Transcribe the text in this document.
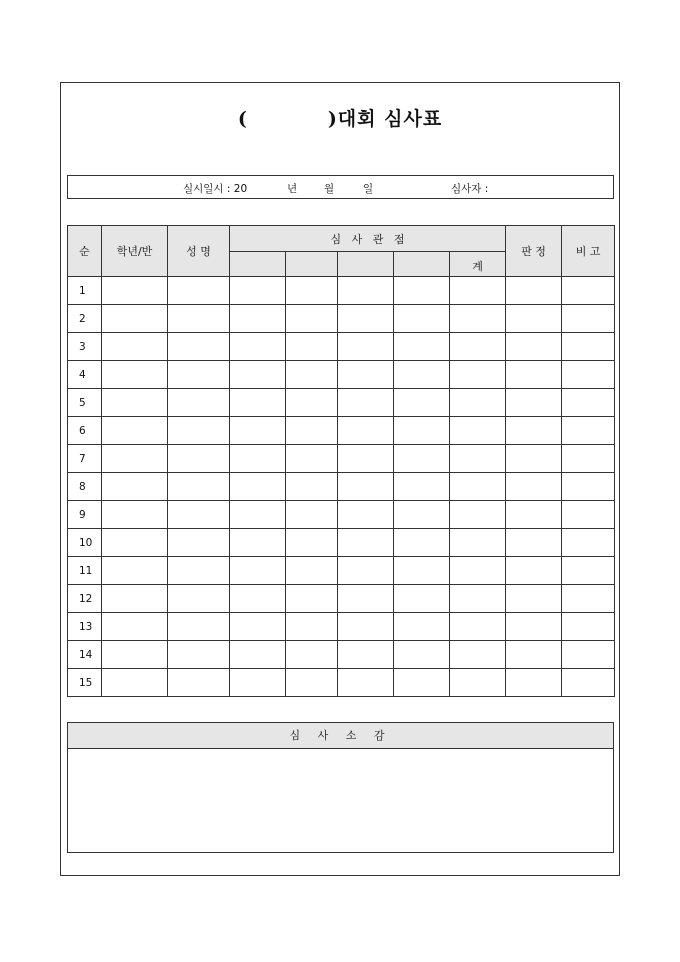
(	)대회 심사표
실시일시 : 20	년	월	일	심사자 :
순	학년/반	성 명	심   사   관   점					판 정	비 고
							계		
1									
2									
3									
4									
5									
6									
7									
8									
9									
10									
11									
12									
13									
14									
15									
심 사 소 감
